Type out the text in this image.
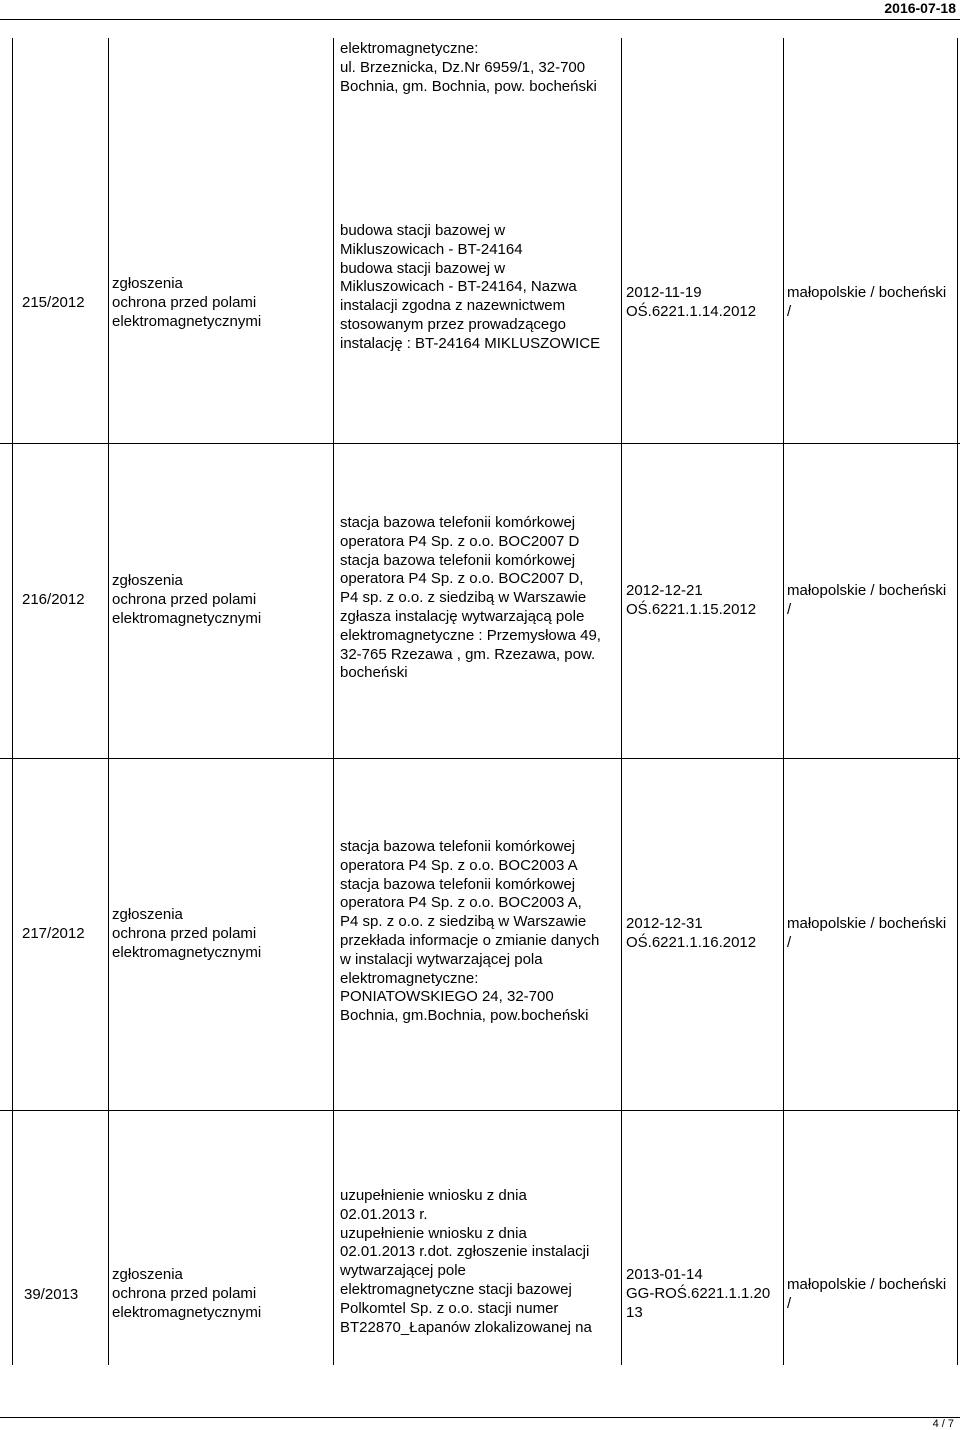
2016-07-18
elektromagnetyczne:
ul. Brzeznicka, Dz.Nr 6959/1, 32-700
Bochnia, gm. Bochnia, pow. bocheński
215/2012
zgłoszenia
ochrona przed polami
elektromagnetycznymi
budowa stacji bazowej w
Mikluszowicach - BT-24164
budowa stacji bazowej w
Mikluszowicach - BT-24164, Nazwa
instalacji zgodna z nazewnictwem
stosowanym przez prowadzącego
instalację : BT-24164 MIKLUSZOWICE
2012-11-19
OŚ.6221.1.14.2012
małopolskie / bocheński
/
216/2012
zgłoszenia
ochrona przed polami
elektromagnetycznymi
stacja bazowa telefonii komórkowej
operatora P4 Sp. z o.o. BOC2007 D
stacja bazowa telefonii komórkowej
operatora P4 Sp. z o.o. BOC2007 D,
P4 sp. z o.o. z siedzibą w Warszawie
zgłasza instalację wytwarzającą pole
elektromagnetyczne : Przemysłowa 49,
32-765 Rzezawa , gm. Rzezawa, pow.
bocheński
2012-12-21
OŚ.6221.1.15.2012
małopolskie / bocheński
/
217/2012
zgłoszenia
ochrona przed polami
elektromagnetycznymi
stacja bazowa telefonii komórkowej
operatora P4 Sp. z o.o. BOC2003 A
stacja bazowa telefonii komórkowej
operatora P4 Sp. z o.o. BOC2003 A,
P4 sp. z o.o. z siedzibą w Warszawie
przekłada informacje o zmianie danych
w instalacji wytwarzającej pola
elektromagnetyczne:
PONIATOWSKIEGO 24, 32-700
Bochnia, gm.Bochnia, pow.bocheński
2012-12-31
OŚ.6221.1.16.2012
małopolskie / bocheński
/
39/2013
zgłoszenia
ochrona przed polami
elektromagnetycznymi
uzupełnienie wniosku z dnia
02.01.2013 r.
uzupełnienie wniosku z dnia
02.01.2013 r.dot. zgłoszenie instalacji
wytwarzającej pole
elektromagnetyczne stacji bazowej
Polkomtel Sp. z o.o. stacji numer
BT22870_Łapanów zlokalizowanej na
2013-01-14
GG-ROŚ.6221.1.1.20
13
małopolskie / bocheński
/
4 / 7
